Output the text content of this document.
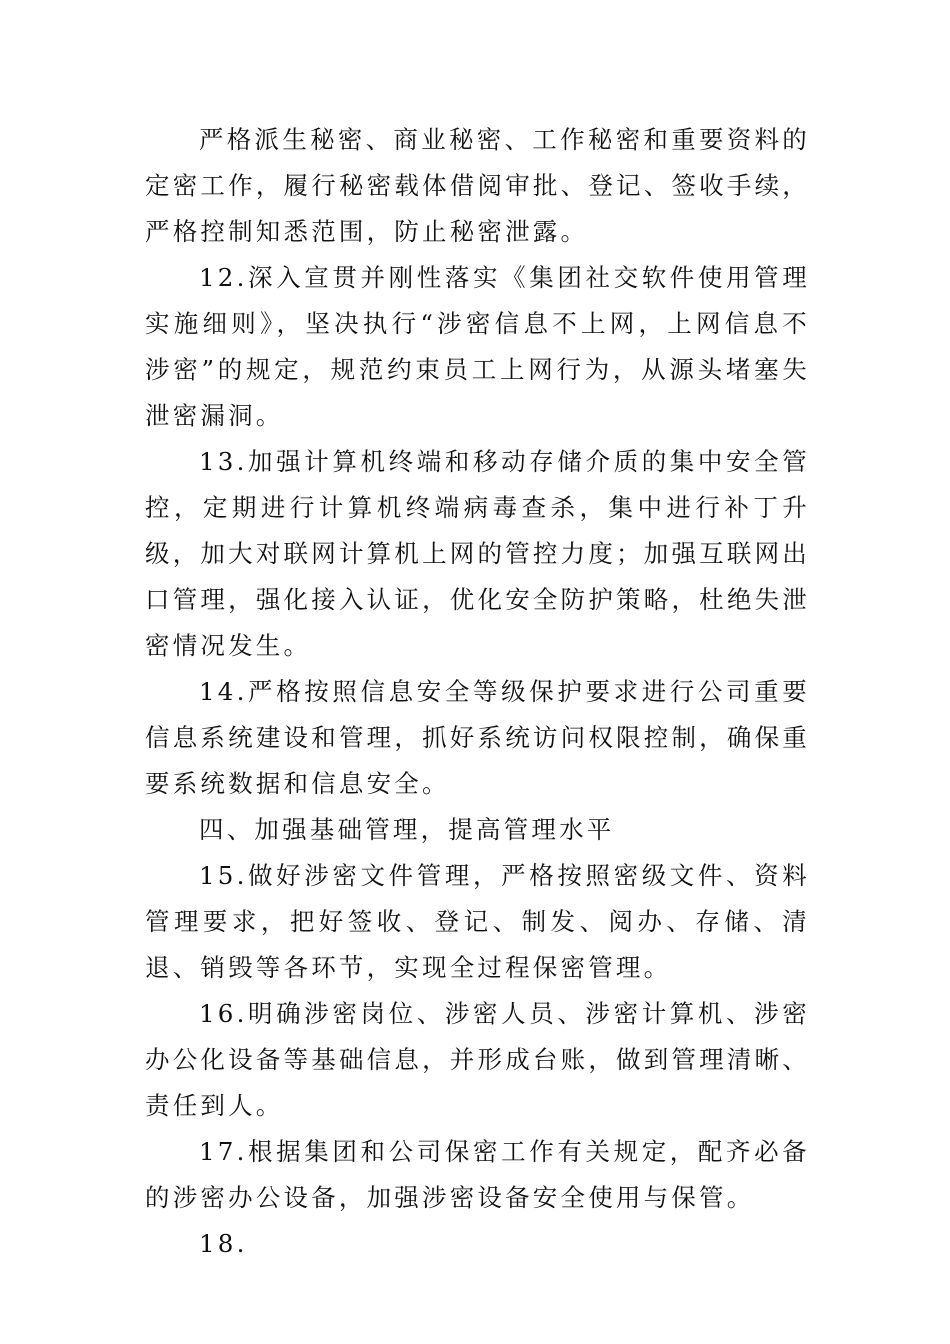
严格派生秘密、商业秘密、工作秘密和重要资料的定密工作，履行秘密载体借阅审批、登记、签收手续，严格控制知悉范围，防止秘密泄露。

12.深入宣贯并刚性落实《集团社交软件使用管理实施细则》，坚决执行“涉密信息不上网，上网信息不涉密”的规定，规范约束员工上网行为，从源头堵塞失泄密漏洞。

13.加强计算机终端和移动存储介质的集中安全管控，定期进行计算机终端病毒查杀，集中进行补丁升级，加大对联网计算机上网的管控力度；加强互联网出口管理，强化接入认证，优化安全防护策略，杜绝失泄密情况发生。

14.严格按照信息安全等级保护要求进行公司重要信息系统建设和管理，抓好系统访问权限控制，确保重要系统数据和信息安全。

四、加强基础管理，提高管理水平

15.做好涉密文件管理，严格按照密级文件、资料管理要求，把好签收、登记、制发、阅办、存储、清退、销毁等各环节，实现全过程保密管理。

16.明确涉密岗位、涉密人员、涉密计算机、涉密办公化设备等基础信息，并形成台账，做到管理清晰、责任到人。

17.根据集团和公司保密工作有关规定，配齐必备的涉密办公设备，加强涉密设备安全使用与保管。

18.
